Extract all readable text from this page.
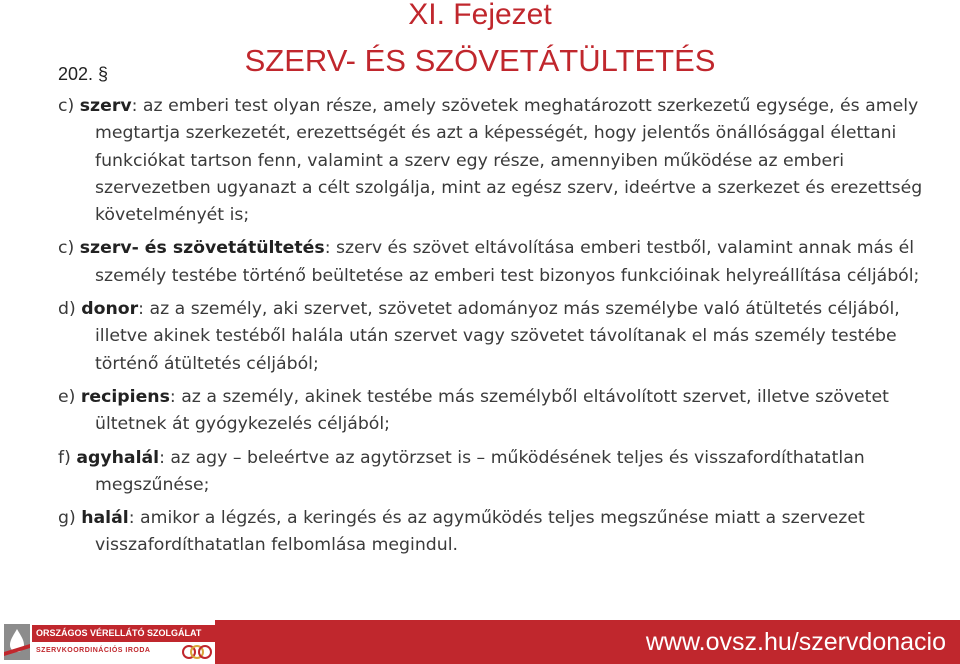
XI. Fejezet
SZERV- ÉS SZÖVETÁTÜLTETÉS
202. §

c) szerv: az emberi test olyan része, amely szövetek meghatározott szerkezetű egysége, és amely megtartja szerkezetét, erezettségét és azt a képességét, hogy jelentős önállósággal élettani funkciókat tartson fenn, valamint a szerv egy része, amennyiben működése az emberi szervezetben ugyanazt a célt szolgálja, mint az egész szerv, ideértve a szerkezet és erezettség követelményét is;

c) szerv- és szövetátültetés: szerv és szövet eltávolítása emberi testből, valamint annak más él személy testébe történő beültetése az emberi test bizonyos funkcióinak helyreállítása céljából;

d) donor: az a személy, aki szervet, szövetet adományoz más személybe való átültetés céljából, illetve akinek testéből halála után szervet vagy szövetet távolítanak el más személy testébe történő átültetés céljából;

e) recipiens: az a személy, akinek testébe más személyből eltávolított szervet, illetve szövetet ültetnek át gyógykezelés céljából;

f) agyhalál: az agy – beleértve az agytörzset is – működésének teljes és visszafordíthatatlan megszűnése;

g) halál: amikor a légzés, a keringés és az agyműködés teljes megszűnése miatt a szervezet visszafordíthatatlan felbomlása megindul.

ORSZÁGOS VÉRELLÁTÓ SZOLGÁLAT
SZERVKOORDINÁCIÓS IRODA	www.ovsz.hu/szervdonacio
